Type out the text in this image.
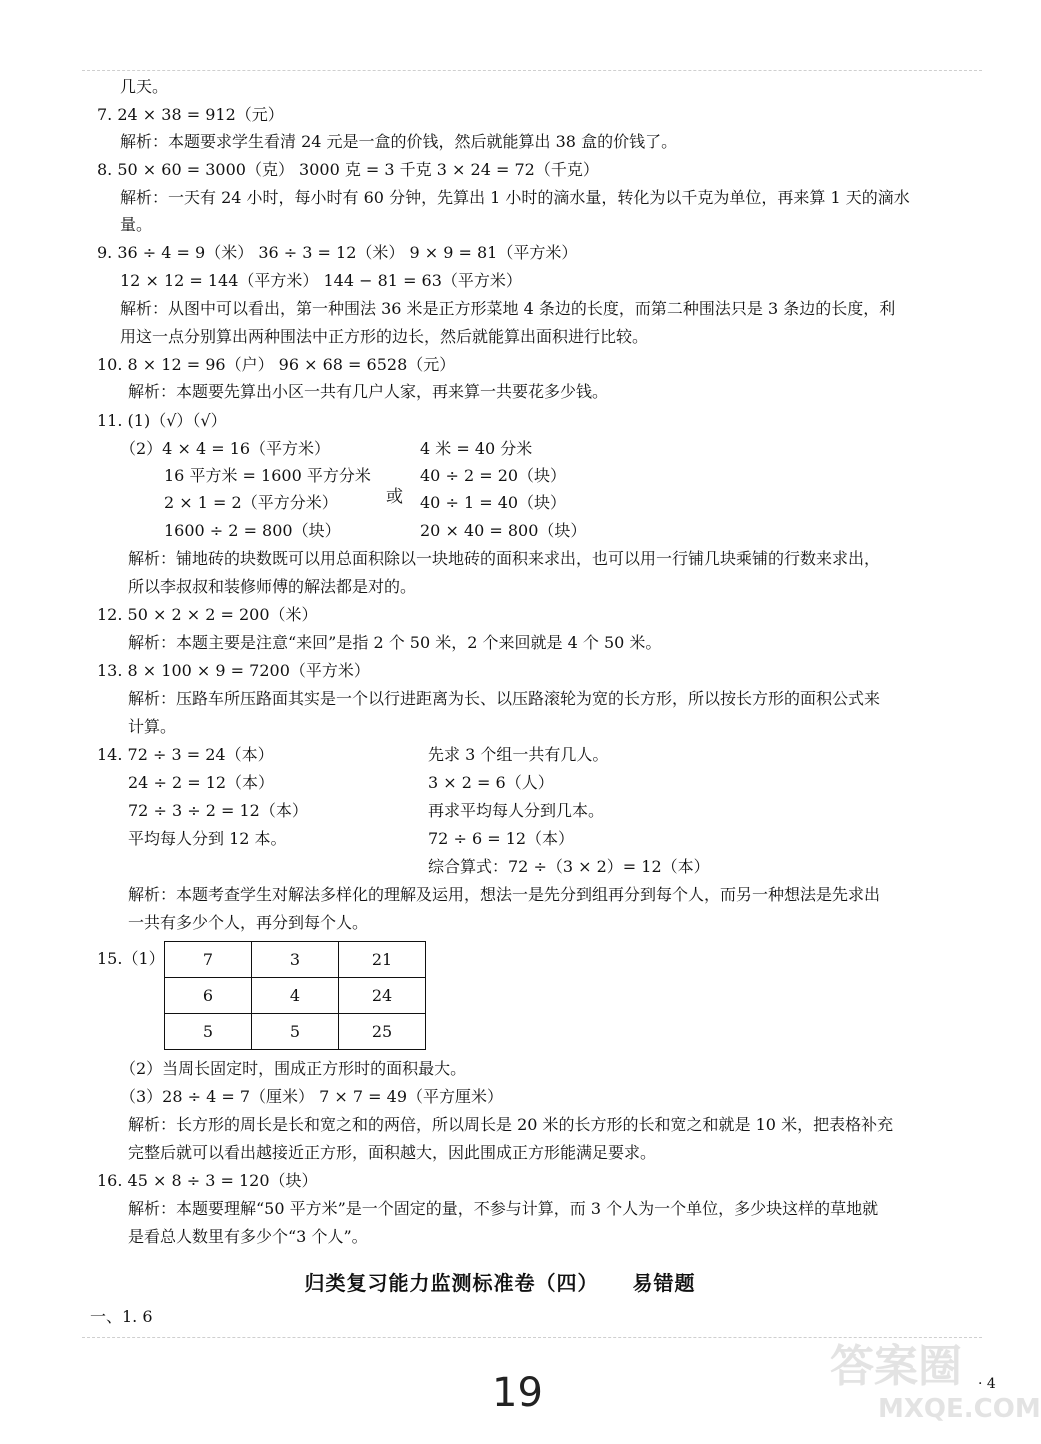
几天。
7. 24 × 38 = 912（元）
解析：本题要求学生看清 24 元是一盒的价钱，然后就能算出 38 盒的价钱了。
8. 50 × 60 = 3000（克） 3000 克 = 3 千克 3 × 24 = 72（千克）
解析：一天有 24 小时，每小时有 60 分钟，先算出 1 小时的滴水量，转化为以千克为单位，再来算 1 天的滴水
量。
9. 36 ÷ 4 = 9（米） 36 ÷ 3 = 12（米） 9 × 9 = 81（平方米）
12 × 12 = 144（平方米） 144 − 81 = 63（平方米）
解析：从图中可以看出，第一种围法 36 米是正方形菜地 4 条边的长度，而第二种围法只是 3 条边的长度，利
用这一点分别算出两种围法中正方形的边长，然后就能算出面积进行比较。
10. 8 × 12 = 96（户） 96 × 68 = 6528（元）
解析：本题要先算出小区一共有几户人家，再来算一共要花多少钱。
11. (1)（√）（√）
（2）4 × 4 = 16（平方米）
16 平方米 = 1600 平方分米
2 × 1 = 2（平方分米）
1600 ÷ 2 = 800（块）
或
4 米 = 40 分米
40 ÷ 2 = 20（块）
40 ÷ 1 = 40（块）
20 × 40 = 800（块）
解析：铺地砖的块数既可以用总面积除以一块地砖的面积来求出，也可以用一行铺几块乘铺的行数来求出，
所以李叔叔和装修师傅的解法都是对的。
12. 50 × 2 × 2 = 200（米）
解析：本题主要是注意“来回”是指 2 个 50 米，2 个来回就是 4 个 50 米。
13. 8 × 100 × 9 = 7200（平方米）
解析：压路车所压路面其实是一个以行进距离为长、以压路滚轮为宽的长方形，所以按长方形的面积公式来
计算。
14. 72 ÷ 3 = 24（本）
24 ÷ 2 = 12（本）
72 ÷ 3 ÷ 2 = 12（本）
平均每人分到 12 本。
先求 3 个组一共有几人。
3 × 2 = 6（人）
再求平均每人分到几本。
72 ÷ 6 = 12（本）
综合算式：72 ÷（3 × 2）= 12（本）
解析：本题考查学生对解法多样化的理解及运用，想法一是先分到组再分到每个人，而另一种想法是先求出
一共有多少个人，再分到每个人。
15.（1） 7	3	21
6	4	24
5	5	25
（2）当周长固定时，围成正方形时的面积最大。
（3）28 ÷ 4 = 7（厘米） 7 × 7 = 49（平方厘米）
解析：长方形的周长是长和宽之和的两倍，所以周长是 20 米的长方形的长和宽之和就是 10 米，把表格补充
完整后就可以看出越接近正方形，面积越大，因此围成正方形能满足要求。
16. 45 × 8 ÷ 3 = 120（块）
解析：本题要理解“50 平方米”是一个固定的量，不参与计算，而 3 个人为一个单位，多少块这样的草地就
是看总人数里有多少个“3 个人”。
归类复习能力监测标准卷（四） 易错题
一、1. 6
答案圈
MXQE.COM
19	· 4
